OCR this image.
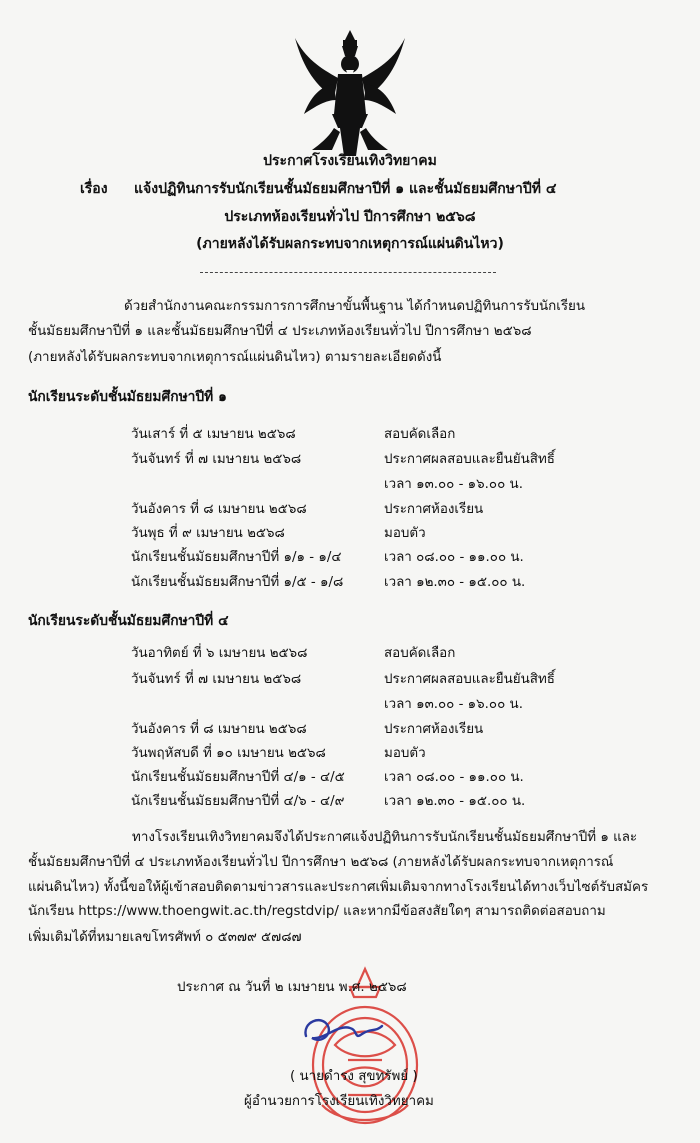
ประกาศโรงเรียนเทิงวิทยาคม
เรื่อง แจ้งปฏิทินการรับนักเรียนชั้นมัธยมศึกษาปีที่ ๑ และชั้นมัธยมศึกษาปีที่ ๔
ประเภทห้องเรียนทั่วไป ปีการศึกษา ๒๕๖๘
(ภายหลังได้รับผลกระทบจากเหตุการณ์แผ่นดินไหว)
ด้วยสำนักงานคณะกรรมการการศึกษาขั้นพื้นฐาน ได้กำหนดปฏิทินการรับนักเรียน
ชั้นมัธยมศึกษาปีที่ ๑ และชั้นมัธยมศึกษาปีที่ ๔ ประเภทห้องเรียนทั่วไป ปีการศึกษา ๒๕๖๘
(ภายหลังได้รับผลกระทบจากเหตุการณ์แผ่นดินไหว) ตามรายละเอียดดังนี้
นักเรียนระดับชั้นมัธยมศึกษาปีที่ ๑
วันเสาร์ ที่ ๕ เมษายน ๒๕๖๘	สอบคัดเลือก
วันจันทร์ ที่ ๗ เมษายน ๒๕๖๘	ประกาศผลสอบและยืนยันสิทธิ์
เวลา ๑๓.๐๐ - ๑๖.๐๐ น.
วันอังคาร ที่ ๘ เมษายน ๒๕๖๘	ประกาศห้องเรียน
วันพุธ ที่ ๙ เมษายน ๒๕๖๘	มอบตัว
นักเรียนชั้นมัธยมศึกษาปีที่ ๑/๑ - ๑/๔	เวลา ๐๘.๐๐ - ๑๑.๐๐ น.
นักเรียนชั้นมัธยมศึกษาปีที่ ๑/๕ - ๑/๘	เวลา ๑๒.๓๐ - ๑๕.๐๐ น.
นักเรียนระดับชั้นมัธยมศึกษาปีที่ ๔
วันอาทิตย์ ที่ ๖ เมษายน ๒๕๖๘	สอบคัดเลือก
วันจันทร์ ที่ ๗ เมษายน ๒๕๖๘	ประกาศผลสอบและยืนยันสิทธิ์
เวลา ๑๓.๐๐ - ๑๖.๐๐ น.
วันอังคาร ที่ ๘ เมษายน ๒๕๖๘	ประกาศห้องเรียน
วันพฤหัสบดี ที่ ๑๐ เมษายน ๒๕๖๘	มอบตัว
นักเรียนชั้นมัธยมศึกษาปีที่ ๔/๑ - ๔/๕	เวลา ๐๘.๐๐ - ๑๑.๐๐ น.
นักเรียนชั้นมัธยมศึกษาปีที่ ๔/๖ - ๔/๙	เวลา ๑๒.๓๐ - ๑๕.๐๐ น.
ทางโรงเรียนเทิงวิทยาคมจึงได้ประกาศแจ้งปฏิทินการรับนักเรียนชั้นมัธยมศึกษาปีที่ ๑ และ
ชั้นมัธยมศึกษาปีที่ ๔ ประเภทห้องเรียนทั่วไป ปีการศึกษา ๒๕๖๘ (ภายหลังได้รับผลกระทบจากเหตุการณ์
แผ่นดินไหว) ทั้งนี้ขอให้ผู้เข้าสอบติดตามข่าวสารและประกาศเพิ่มเติมจากทางโรงเรียนได้ทางเว็บไซต์รับสมัคร
นักเรียน https://www.thoengwit.ac.th/regstdvip/ และหากมีข้อสงสัยใดๆ สามารถติดต่อสอบถาม
เพิ่มเติมได้ที่หมายเลขโทรศัพท์ ๐ ๕๓๗๙ ๕๗๘๗
ประกาศ ณ วันที่ ๒ เมษายน พ.ศ. ๒๕๖๘
( นายดำรง สุขทรัพย์ )
ผู้อำนวยการโรงเรียนเทิงวิทยาคม
